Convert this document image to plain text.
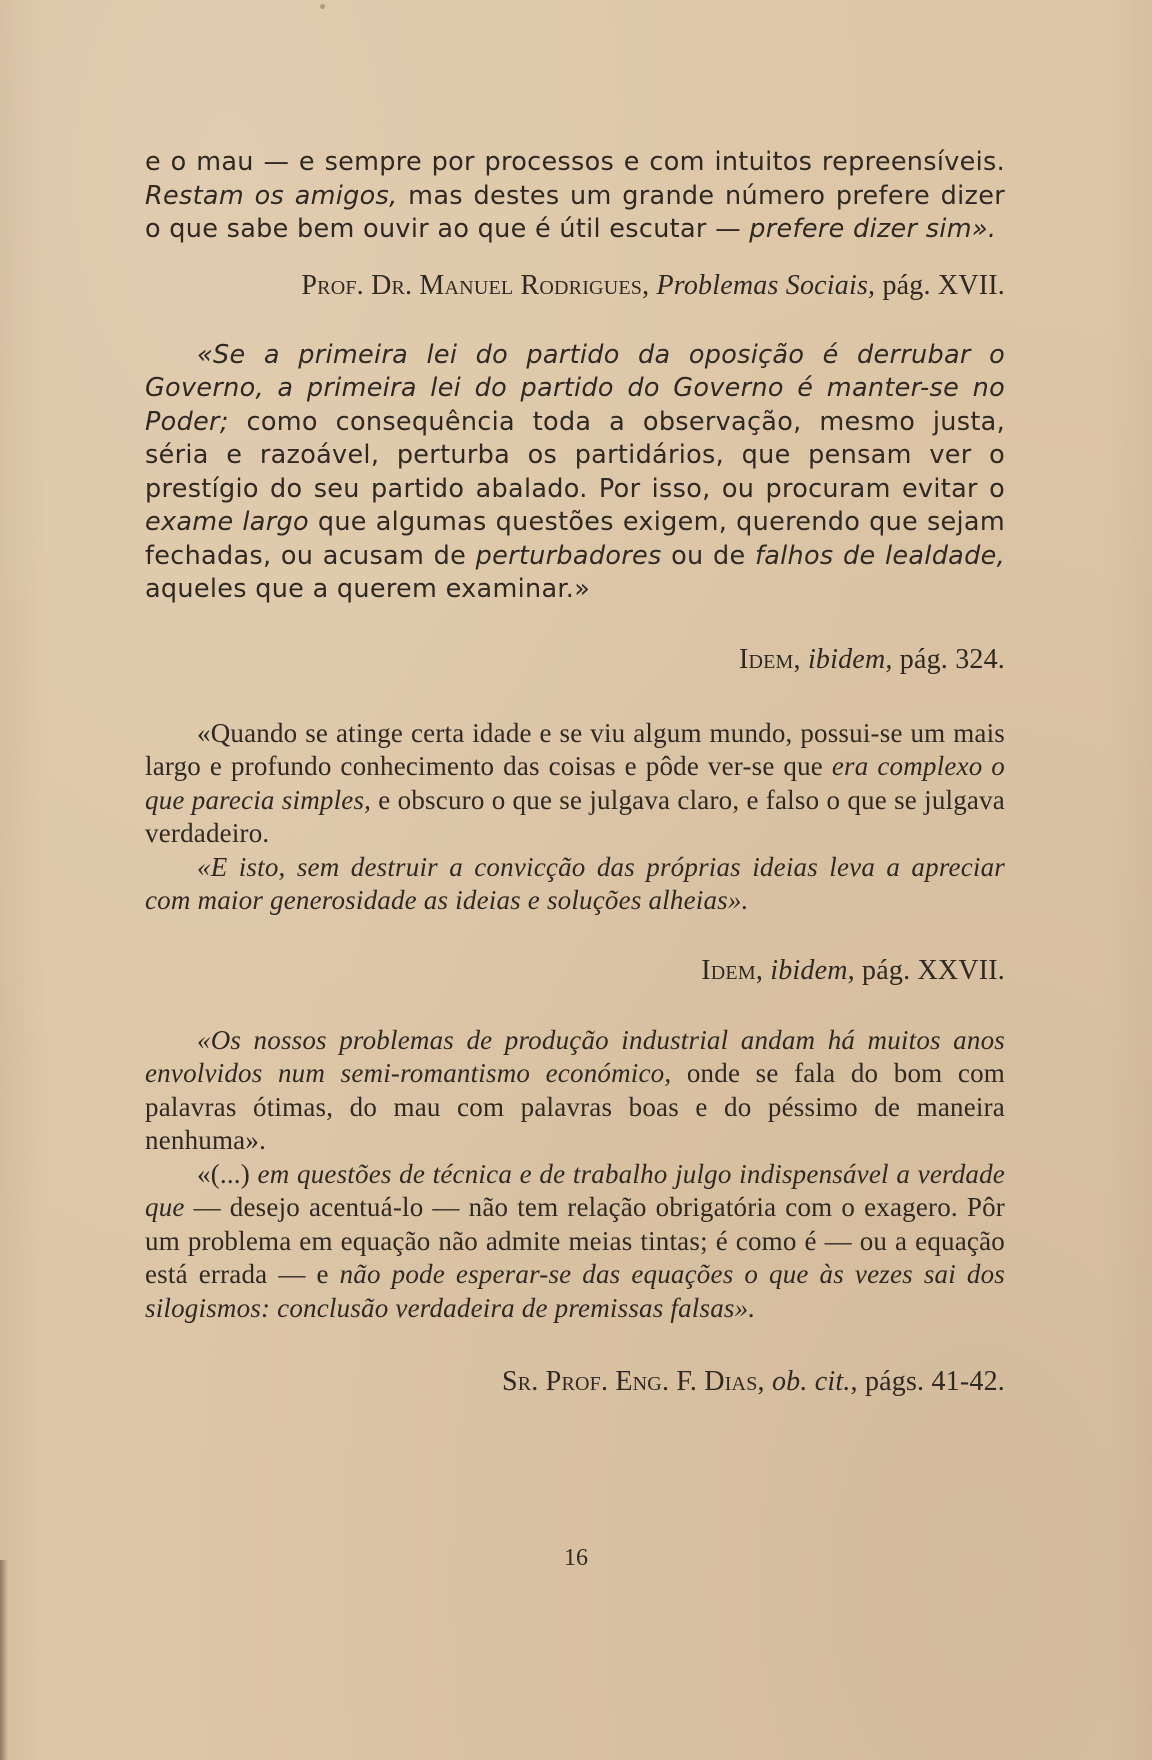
e o mau — e sempre por processos e com intuitos repreensíveis. Restam os amigos, mas destes um grande número prefere dizer o que sabe bem ouvir ao que é útil escutar — prefere dizer sim».

Prof. Dr. Manuel Rodrigues, Problemas Sociais, pág. XVII.

«Se a primeira lei do partido da oposição é derrubar o Governo, a primeira lei do partido do Governo é manter-se no Poder; como consequência toda a observação, mesmo justa, séria e razoável, perturba os partidários, que pensam ver o prestígio do seu partido abalado. Por isso, ou procuram evitar o exame largo que algumas questões exigem, querendo que sejam fechadas, ou acusam de perturbadores ou de falhos de lealdade, aqueles que a querem examinar.»

Idem, ibidem, pág. 324.

«Quando se atinge certa idade e se viu algum mundo, possui-se um mais largo e profundo conhecimento das coisas e pôde ver-se que era complexo o que parecia simples, e obscuro o que se julgava claro, e falso o que se julgava verdadeiro.

«E isto, sem destruir a convicção das próprias ideias leva a apreciar com maior generosidade as ideias e soluções alheias».

Idem, ibidem, pág. XXVII.

«Os nossos problemas de produção industrial andam há muitos anos envolvidos num semi-romantismo económico, onde se fala do bom com palavras ótimas, do mau com palavras boas e do péssimo de maneira nenhuma».

«(...) em questões de técnica e de trabalho julgo indispensável a verdade que — desejo acentuá-lo — não tem relação obrigatória com o exagero. Pôr um problema em equação não admite meias tintas; é como é — ou a equação está errada — e não pode esperar-se das equações o que às vezes sai dos silogismos: conclusão verdadeira de premissas falsas».

Sr. Prof. Eng. F. Dias, ob. cit., págs. 41-42.

16
